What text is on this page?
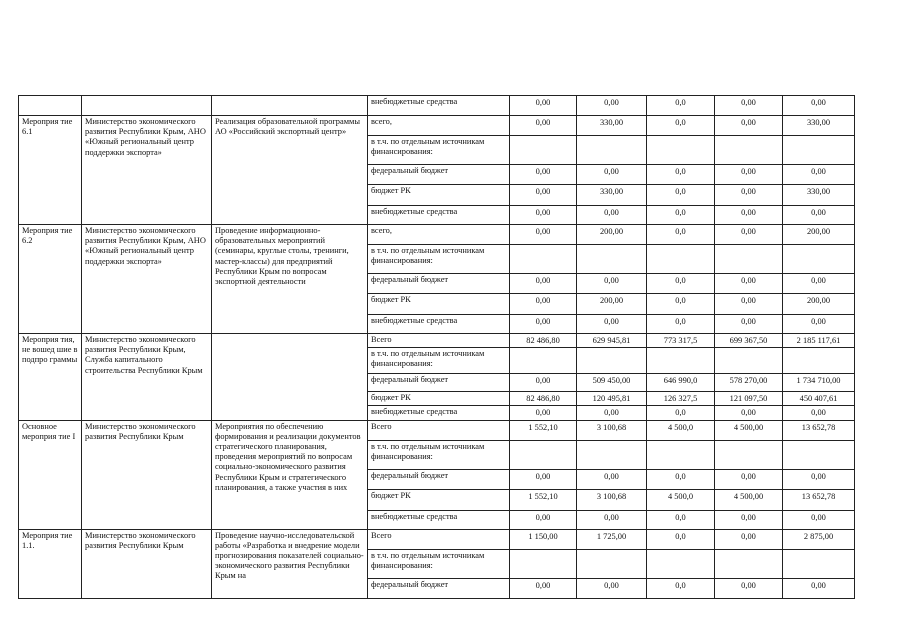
			внебюджетные средства	0,00	0,00	0,0	0,00	0,00
Мероприя тие 6.1	Министерство экономического развития Республики Крым, АНО «Южный региональный центр поддержки экспорта»	Реализация образовательной программы АО «Российский экспортный центр»	всего,	0,00	330,00	0,0	0,00	330,00
			в т.ч. по отдельным источникам финансирования:					
			федеральный бюджет	0,00	0,00	0,0	0,00	0,00
			бюджет РК	0,00	330,00	0,0	0,00	330,00
			внебюджетные средства	0,00	0,00	0,0	0,00	0,00
Мероприя тие 6.2	Министерство экономического развития Республики Крым, АНО «Южный региональный центр поддержки экспорта»	Проведение информационно-образовательных мероприятий (семинары, круглые столы, тренинги, мастер-классы) для предприятий Республики Крым по вопросам экспортной деятельности	всего,	0,00	200,00	0,0	0,00	200,00
			в т.ч. по отдельным источникам финансирования:					
			федеральный бюджет	0,00	0,00	0,0	0,00	0,00
			бюджет РК	0,00	200,00	0,0	0,00	200,00
			внебюджетные средства	0,00	0,00	0,0	0,00	0,00
Мероприя тия, не вошед шие в подпро граммы	Министерство экономического развития Республики Крым, Служба капитального строительства Республики Крым		Всего	82 486,80	629 945,81	773 317,5	699 367,50	2 185 117,61
			в т.ч. по отдельным источникам финансирования:					
			федеральный бюджет	0,00	509 450,00	646 990,0	578 270,00	1 734 710,00
			бюджет РК	82 486,80	120 495,81	126 327,5	121 097,50	450 407,61
			внебюджетные средства	0,00	0,00	0,0	0,00	0,00
Основное мероприя тие I	Министерство экономического развития Республики Крым	Мероприятия по обеспечению формирования и реализации документов стратегического планирования, проведения мероприятий по вопросам социально-экономического развития Республики Крым и стратегического планирования, а также участия в них	Всего	1 552,10	3 100,68	4 500,0	4 500,00	13 652,78
			в т.ч. по отдельным источникам финансирования:					
			федеральный бюджет	0,00	0,00	0,0	0,00	0,00
			бюджет РК	1 552,10	3 100,68	4 500,0	4 500,00	13 652,78
			внебюджетные средства	0,00	0,00	0,0	0,00	0,00
Мероприя тие 1.1.	Министерство экономического развития Республики Крым	Проведение научно-исследовательской работы «Разработка и внедрение модели прогнозирования показателей социально-экономического развития Республики Крым на	Всего	1 150,00	1 725,00	0,0	0,00	2 875,00
			в т.ч. по отдельным источникам финансирования:					
			федеральный бюджет	0,00	0,00	0,0	0,00	0,00
